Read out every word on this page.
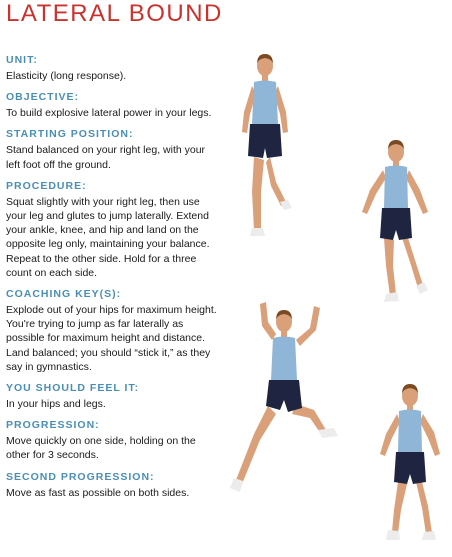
LATERAL BOUND
UNIT:
Elasticity (long response).
OBJECTIVE:
To build explosive lateral power in your legs.
STARTING POSITION:
Stand balanced on your right leg, with your left foot off the ground.
PROCEDURE:
Squat slightly with your right leg, then use your leg and glutes to jump laterally. Extend your ankle, knee, and hip and land on the opposite leg only, maintaining your balance. Repeat to the other side. Hold for a three count on each side.
COACHING KEY(S):
Explode out of your hips for maximum height. You're trying to jump as far laterally as possible for maximum height and distance. Land balanced; you should “stick it,” as they say in gymnastics.
YOU SHOULD FEEL IT:
In your hips and legs.
PROGRESSION:
Move quickly on one side, holding on the other for 3 seconds.
SECOND PROGRESSION:
Move as fast as possible on both sides.
